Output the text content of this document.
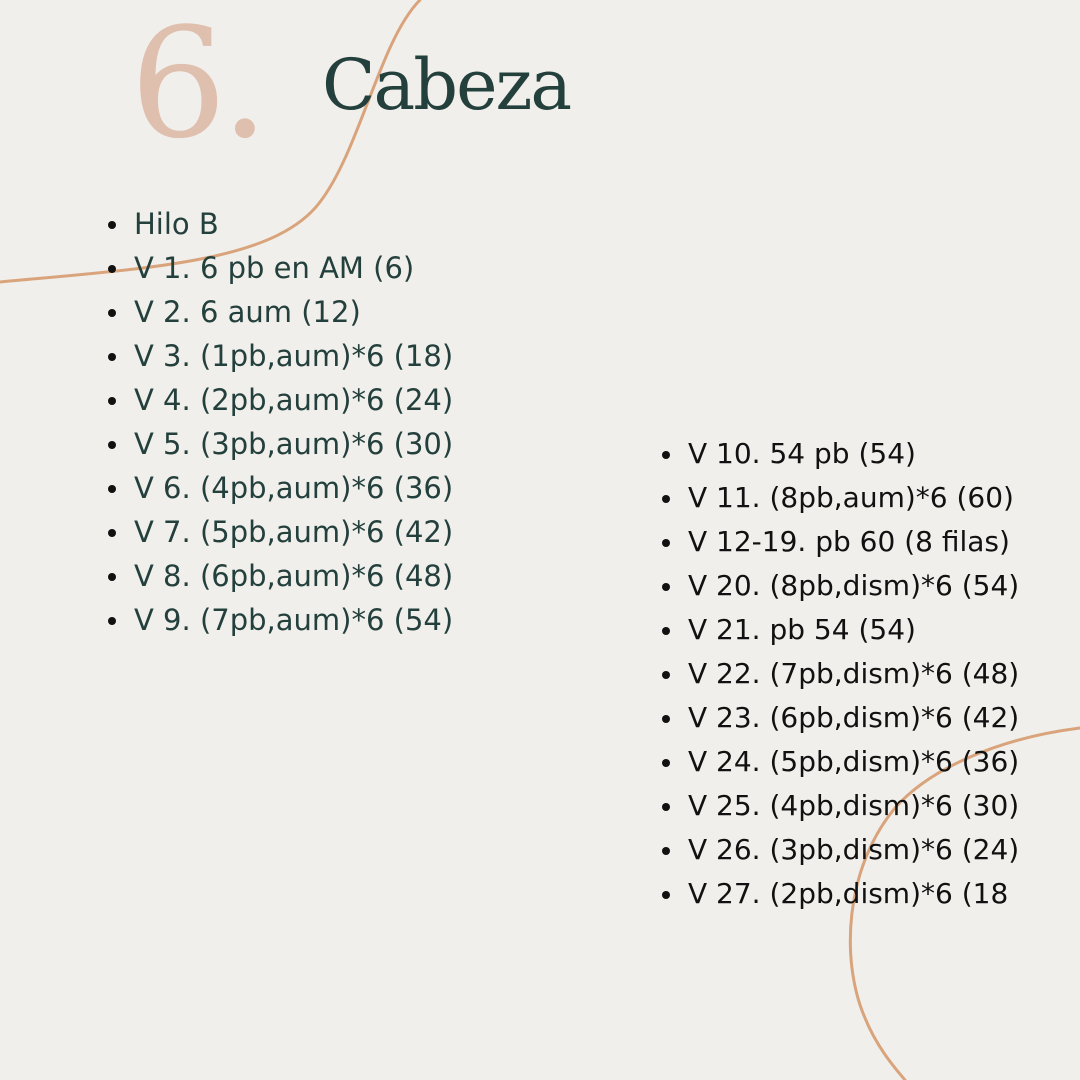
6. Cabeza
Hilo B
V 1. 6 pb en AM (6)
V 2. 6 aum (12)
V 3. (1pb,aum)*6 (18)
V 4. (2pb,aum)*6 (24)
V 5. (3pb,aum)*6 (30)
V 6. (4pb,aum)*6 (36)
V 7. (5pb,aum)*6 (42)
V 8. (6pb,aum)*6 (48)
V 9. (7pb,aum)*6 (54)
V 10. 54 pb (54)
V 11. (8pb,aum)*6 (60)
V 12-19. pb 60 (8 filas)
V 20. (8pb,dism)*6 (54)
V 21. pb 54 (54)
V 22. (7pb,dism)*6 (48)
V 23. (6pb,dism)*6 (42)
V 24. (5pb,dism)*6 (36)
V 25. (4pb,dism)*6 (30)
V 26. (3pb,dism)*6 (24)
V 27. (2pb,dism)*6 (18
